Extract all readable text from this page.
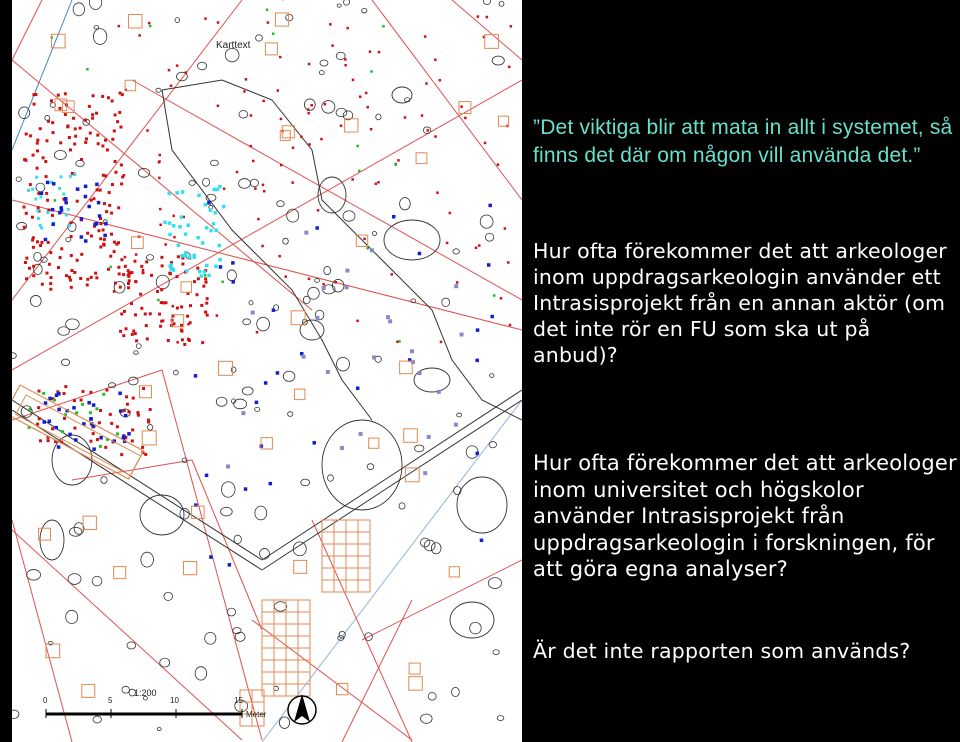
Karttext
1:200
0	5	10	15
Meter
”Det viktiga blir att mata in allt i systemet, så finns det där om någon vill använda det.”
Hur ofta förekommer det att arkeologer inom uppdragsarkeologin använder ett Intrasisprojekt från en annan aktör (om det inte rör en FU som ska ut på anbud)?
Hur ofta förekommer det att arkeologer inom universitet och högskolor använder Intrasisprojekt från uppdragsarkeologin i forskningen, för att göra egna analyser?
Är det inte rapporten som används?
